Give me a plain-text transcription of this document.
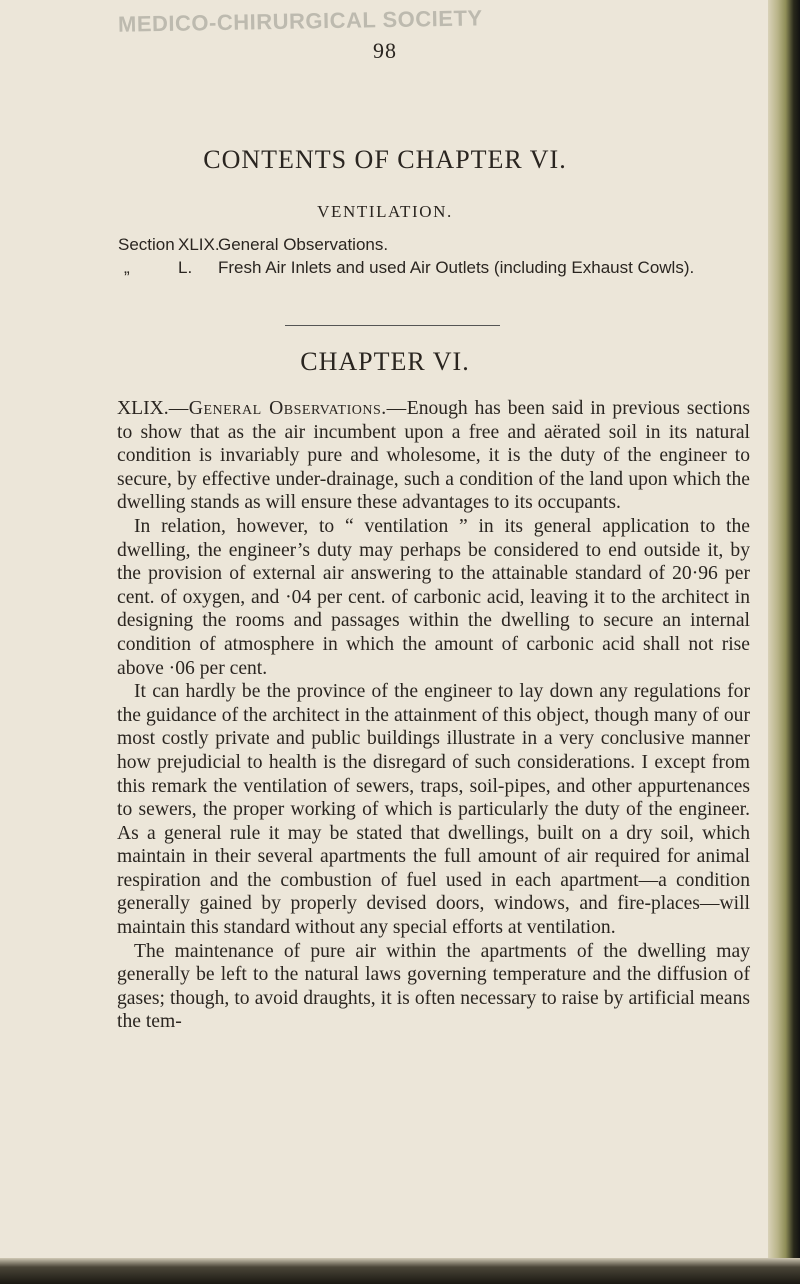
MEDICO-CHIRURGICAL SOCIETY
98
CONTENTS OF CHAPTER VI.
VENTILATION.
Section XLIX.
General Observations.
„	L.	Fresh Air Inlets and used Air Outlets (including Exhaust Cowls).
CHAPTER VI.

XLIX.—General Observations.—Enough has been said in previous sections to show that as the air incumbent upon a free and aërated soil in its natural condition is invariably pure and wholesome, it is the duty of the engineer to secure, by effective under-drainage, such a condition of the land upon which the dwelling stands as will ensure these advantages to its occupants.

In relation, however, to “ ventilation ” in its general application to the dwelling, the engineer’s duty may perhaps be considered to end outside it, by the provision of external air answering to the attainable standard of 20·96 per cent. of oxygen, and ·04 per cent. of carbonic acid, leaving it to the architect in designing the rooms and passages within the dwelling to secure an internal condition of atmosphere in which the amount of carbonic acid shall not rise above ·06 per cent.

It can hardly be the province of the engineer to lay down any regulations for the guidance of the architect in the attainment of this object, though many of our most costly private and public buildings illustrate in a very conclusive manner how prejudicial to health is the disregard of such considerations. I except from this remark the ventilation of sewers, traps, soil-pipes, and other appurtenances to sewers, the proper working of which is particularly the duty of the engineer. As a general rule it may be stated that dwellings, built on a dry soil, which maintain in their several apartments the full amount of air required for animal respiration and the combustion of fuel used in each apartment—a condition generally gained by properly devised doors, windows, and fire-places—will maintain this standard without any special efforts at ventilation.

The maintenance of pure air within the apartments of the dwelling may generally be left to the natural laws governing temperature and the diffusion of gases; though, to avoid draughts, it is often necessary to raise by artificial means the tem-
